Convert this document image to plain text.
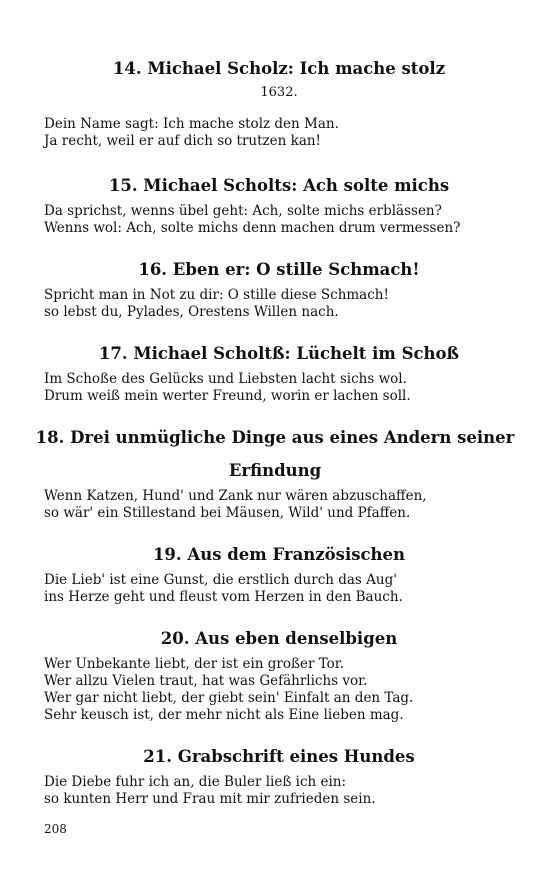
14. Michael Scholz: Ich mache stolz

1632.

Dein Name sagt: Ich mache stolz den Man.

Ja recht, weil er auf dich so trutzen kan!

15. Michael Scholts: Ach solte michs

Da sprichst, wenns übel geht: Ach, solte michs erblässen?

Wenns wol: Ach, solte michs denn machen drum vermessen?

16. Eben er: O stille Schmach!

Spricht man in Not zu dir: O stille diese Schmach!

so lebst du, Pylades, Orestens Willen nach.

17. Michael Scholtß: Lüchelt im Schoß

Im Schoße des Gelücks und Liebsten lacht sichs wol.

Drum weiß mein werter Freund, worin er lachen soll.

18. Drei unmügliche Dinge aus eines Andern seiner

Erfindung

Wenn Katzen, Hund' und Zank nur wären abzuschaffen,

so wär' ein Stillestand bei Mäusen, Wild' und Pfaffen.

19. Aus dem Französischen

Die Lieb' ist eine Gunst, die erstlich durch das Aug'

ins Herze geht und fleust vom Herzen in den Bauch.

20. Aus eben denselbigen

Wer Unbekante liebt, der ist ein großer Tor.

Wer allzu Vielen traut, hat was Gefährlichs vor.

Wer gar nicht liebt, der giebt sein' Einfalt an den Tag.

Sehr keusch ist, der mehr nicht als Eine lieben mag.

21. Grabschrift eines Hundes

Die Diebe fuhr ich an, die Buler ließ ich ein:

so kunten Herr und Frau mit mir zufrieden sein.

208
